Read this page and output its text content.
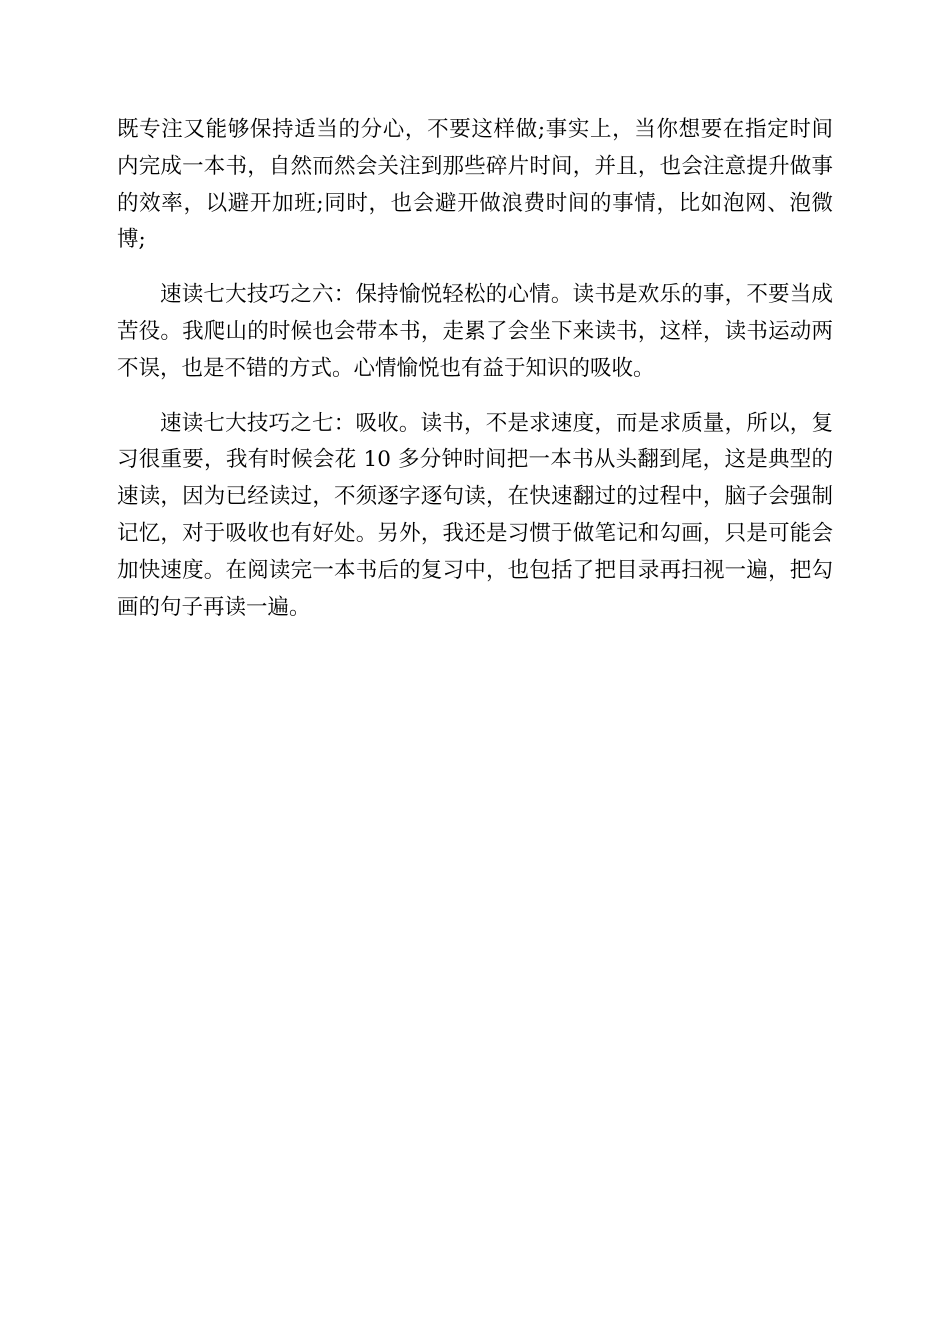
既专注又能够保持适当的分心，不要这样做;事实上，当你想要在指定时间内完成一本书，自然而然会关注到那些碎片时间，并且，也会注意提升做事的效率，以避开加班;同时，也会避开做浪费时间的事情，比如泡网、泡微博;

速读七大技巧之六：保持愉悦轻松的心情。读书是欢乐的事，不要当成苦役。我爬山的时候也会带本书，走累了会坐下来读书，这样，读书运动两不误，也是不错的方式。心情愉悦也有益于知识的吸收。

速读七大技巧之七：吸收。读书，不是求速度，而是求质量，所以，复习很重要，我有时候会花 10 多分钟时间把一本书从头翻到尾，这是典型的速读，因为已经读过，不须逐字逐句读，在快速翻过的过程中，脑子会强制记忆，对于吸收也有好处。另外，我还是习惯于做笔记和勾画，只是可能会加快速度。在阅读完一本书后的复习中，也包括了把目录再扫视一遍，把勾画的句子再读一遍。
